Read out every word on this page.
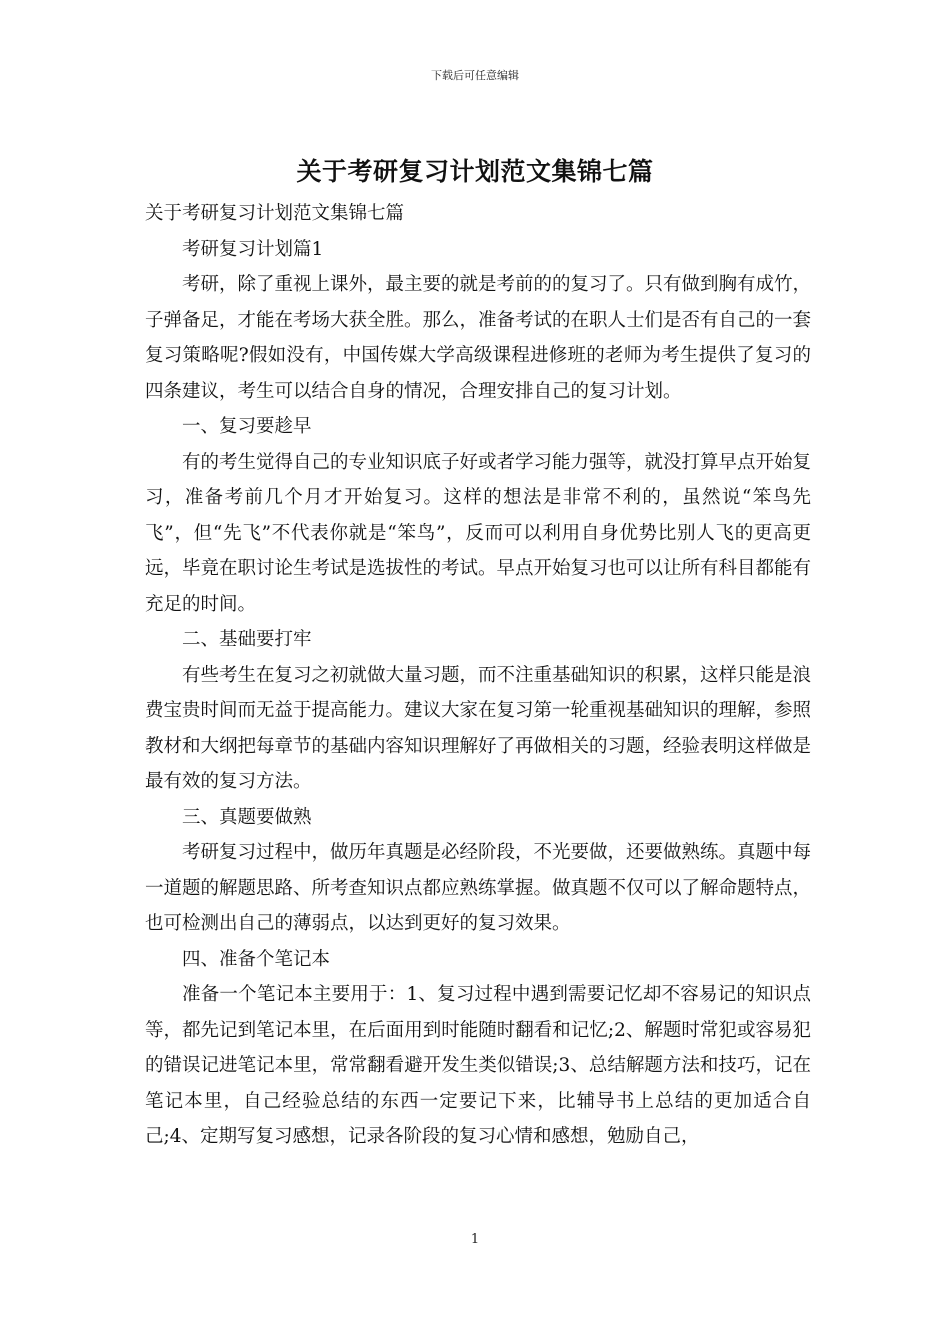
下载后可任意编辑
关于考研复习计划范文集锦七篇

关于考研复习计划范文集锦七篇

考研复习计划篇1

考研，除了重视上课外，最主要的就是考前的的复习了。只有做到胸有成竹，子弹备足，才能在考场大获全胜。那么，准备考试的在职人士们是否有自己的一套复习策略呢?假如没有，中国传媒大学高级课程进修班的老师为考生提供了复习的四条建议，考生可以结合自身的情况，合理安排自己的复习计划。

一、复习要趁早

有的考生觉得自己的专业知识底子好或者学习能力强等，就没打算早点开始复习，准备考前几个月才开始复习。这样的想法是非常不利的，虽然说“笨鸟先飞”，但“先飞”不代表你就是“笨鸟”，反而可以利用自身优势比别人飞的更高更远，毕竟在职讨论生考试是选拔性的考试。早点开始复习也可以让所有科目都能有充足的时间。

二、基础要打牢

有些考生在复习之初就做大量习题，而不注重基础知识的积累，这样只能是浪费宝贵时间而无益于提高能力。建议大家在复习第一轮重视基础知识的理解，参照教材和大纲把每章节的基础内容知识理解好了再做相关的习题，经验表明这样做是最有效的复习方法。

三、真题要做熟

考研复习过程中，做历年真题是必经阶段，不光要做，还要做熟练。真题中每一道题的解题思路、所考查知识点都应熟练掌握。做真题不仅可以了解命题特点，也可检测出自己的薄弱点，以达到更好的复习效果。

四、准备个笔记本

准备一个笔记本主要用于：1、复习过程中遇到需要记忆却不容易记的知识点等，都先记到笔记本里，在后面用到时能随时翻看和记忆;2、解题时常犯或容易犯的错误记进笔记本里，常常翻看避开发生类似错误;3、总结解题方法和技巧，记在笔记本里，自己经验总结的东西一定要记下来，比辅导书上总结的更加适合自己;4、定期写复习感想，记录各阶段的复习心情和感想，勉励自己，

1
